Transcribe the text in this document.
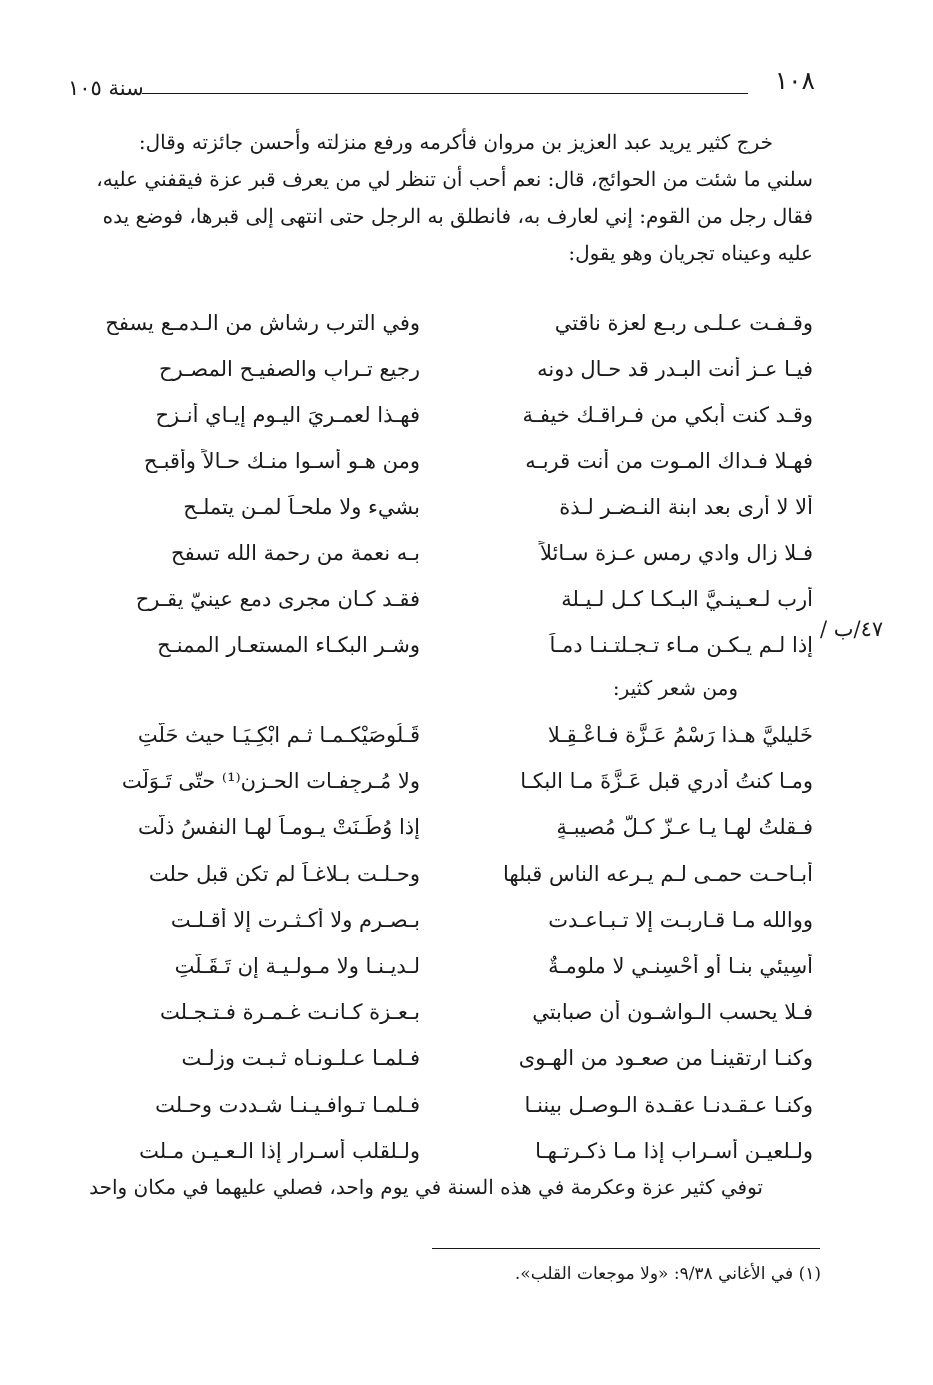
١٠٨
سنة ١٠٥

خرج كثير يريد عبد العزيز بن مروان فأكرمه ورفع منزلته وأحسن جائزته وقال:

سلني ما شئت من الحوائج، قال: نعم أحب أن تنظر لي من يعرف قبر عزة فيقفني عليه،

فقال رجل من القوم: إني لعارف به، فانطلق به الرجل حتى انتهى إلى قبرها، فوضع يده

عليه وعيناه تجريان وهو يقول:

وقـفـت عـلـى ربـع لعزة ناقتي
وفي الترب رشاش من الـدمـع يسفح
فيـا عـز أنت البـدر قد حـال دونه
رجيع تـرابٍ والصفيـح المصـرح
وقـد كنت أبكي من فـراقـك خيفـة
فهـذا لعمـريَ اليـوم إيـاي أنـزح
فهـلا فـداك المـوت من أنت قربـه
ومن هـو أسـوا منـك حـالاً وأقبـح
ألا لا أرى بعد ابنة النـضـر لـذة
بشيء ولا ملحـاً لمـن يتملـح
فـلا زال وادي رمس عـزة سـائلاً
بـه نعمة من رحمة الله تسفح
أرب لـعـينـيَّ البـكـا كـل لـيـلة
فقـد كـان مجرى دمع عينيّ يقـرح
إذا لـم يـكـن مـاء تـجـلتـنـا دمـاً
وشـر البكـاء المستعـار الممنـح
٤٧/ب /
ومن شعر كثير:
خَليليَّ هـذا رَسْمُ عَـزَّة فـاعْـقِـلا
قَـلُوصَيْكـمـا ثـم ابْكِـيَـا حيث حَلَّتِ
ومـا كنتُ أدري قبل عَـزَّةَ مـا البكـا
ولا مُـرجِفـات الحـزن⁽¹⁾ حتّى تَـوَلَّت
فـقلتُ لهـا يـا عـزّ كـلُّ مُصيبـةٍ
إذا وُطِّـنَتْ يـومـاً لهـا النفسُ ذلَّت
أبـاحـت حمـى لـم يـرعه الناس قبلها
وحـلـت بـلاغـاً لم تكن قبل حلت
ووالله مـا قـاربـت إلا تـبـاعـدت
بـصـرم ولا أكـثـرت إلا أقـلـت
أُسِيئي بنـا أو أحْسِنـي لا ملومـةٌ
لـديـنـا ولا مـولـيـة إن تَـقَـلَّتِ
فـلا يحسب الـواشـون أن صبابتي
بـعـزة كـانـت غـمـرة فـتـجـلت
وكنـا ارتقينـا من صعـود من الهـوى
فـلمـا عـلـونـاه ثـبـت وزلـت
وكنـا عـقـدنـا عقـدة الـوصـل بيننـا
فـلمـا تـوافـيـنـا شـددت وحـلت
ولـلعيـن أسـراب إذا مـا ذكـرتـهـا
ولـلقلب أسـرار إذا الـعـيـن مـلت
توفي كثير عزة وعكرمة في هذه السنة في يوم واحد، فصلي عليهما في مكان واحد
(١) في الأغاني ٩/٣٨: «ولا موجعات القلب».
